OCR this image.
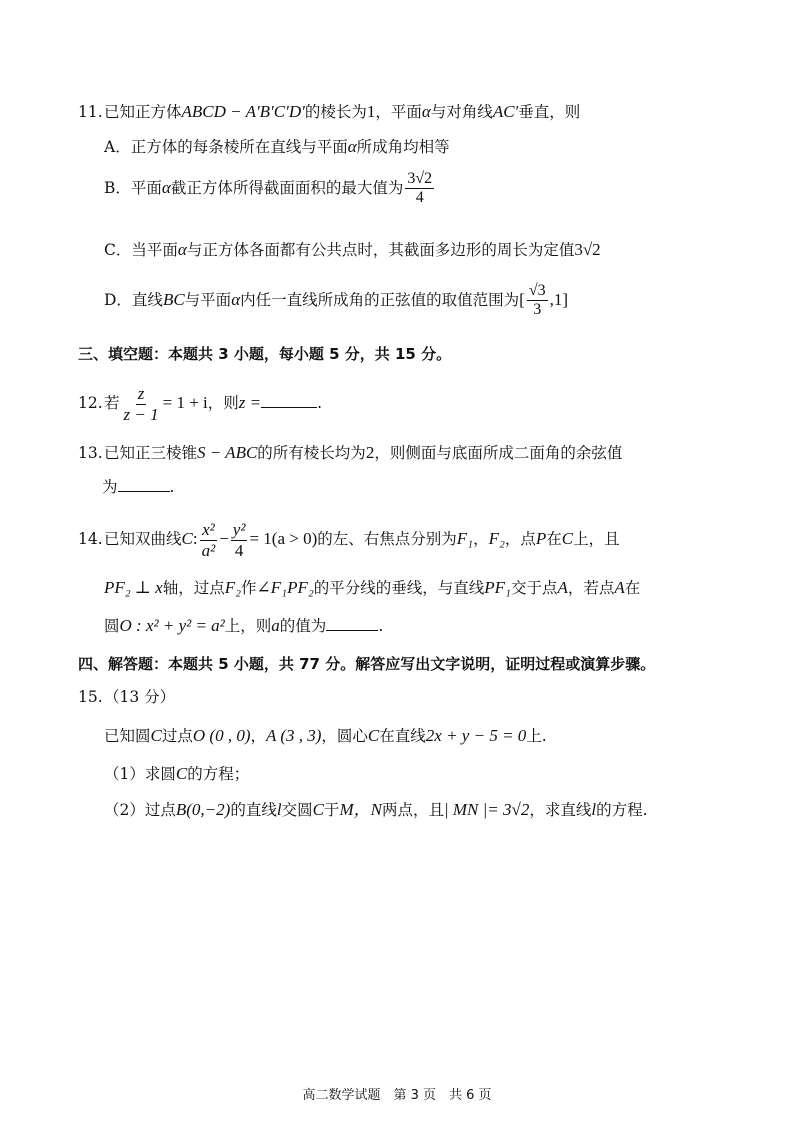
11.已知正方体ABCD − A′B′C′D′的棱长为1，平面α与对角线AC′垂直，则
A．正方体的每条棱所在直线与平面α所成角均相等
B．平面α截正方体所得截面面积的最大值为 $\frac{3√2}{4}$
C．当平面α与正方体各面都有公共点时，其截面多边形的周长为定值3√2
D．直线BC与平面α内任一直线所成角的正弦值的取值范围为[ $\frac{√3}{3} ,1$]
三、填空题：本题共 3 小题，每小题 5 分，共 15 分。
12.若 $\frac{z}{z - 1} = 1 + i$，则z =	.
13.已知正三棱锥S − ABC的所有棱长均为2，则侧面与底面所成二面角的余弦值
为	.
14.已知双曲线C: $\frac{\text{x²}}{\text{a²}} - \frac{\text{y²}}{4} = 1(a > 0)$的左、右焦点分别为F₁，F₂，点P在C上，且
PF₂ ⊥ x轴，过点F₂作∠F₁PF₂的平分线的垂线，与直线PF₁交于点A，若点A在
圆O : x² + y² = a²上，则a的值为	.
四、解答题：本题共 5 小题，共 77 分。解答应写出文字说明，证明过程或演算步骤。
15.（13 分）
已知圆C过点O (0 , 0)，A (3 , 3)，圆心C在直线2x + y − 5 = 0上.
（1）求圆C的方程；
（2）过点B(0,−2)的直线l交圆C于M，N两点，且| MN |= 3√2，求直线l的方程.
高二数学试题　第 3 页　共 6 页
